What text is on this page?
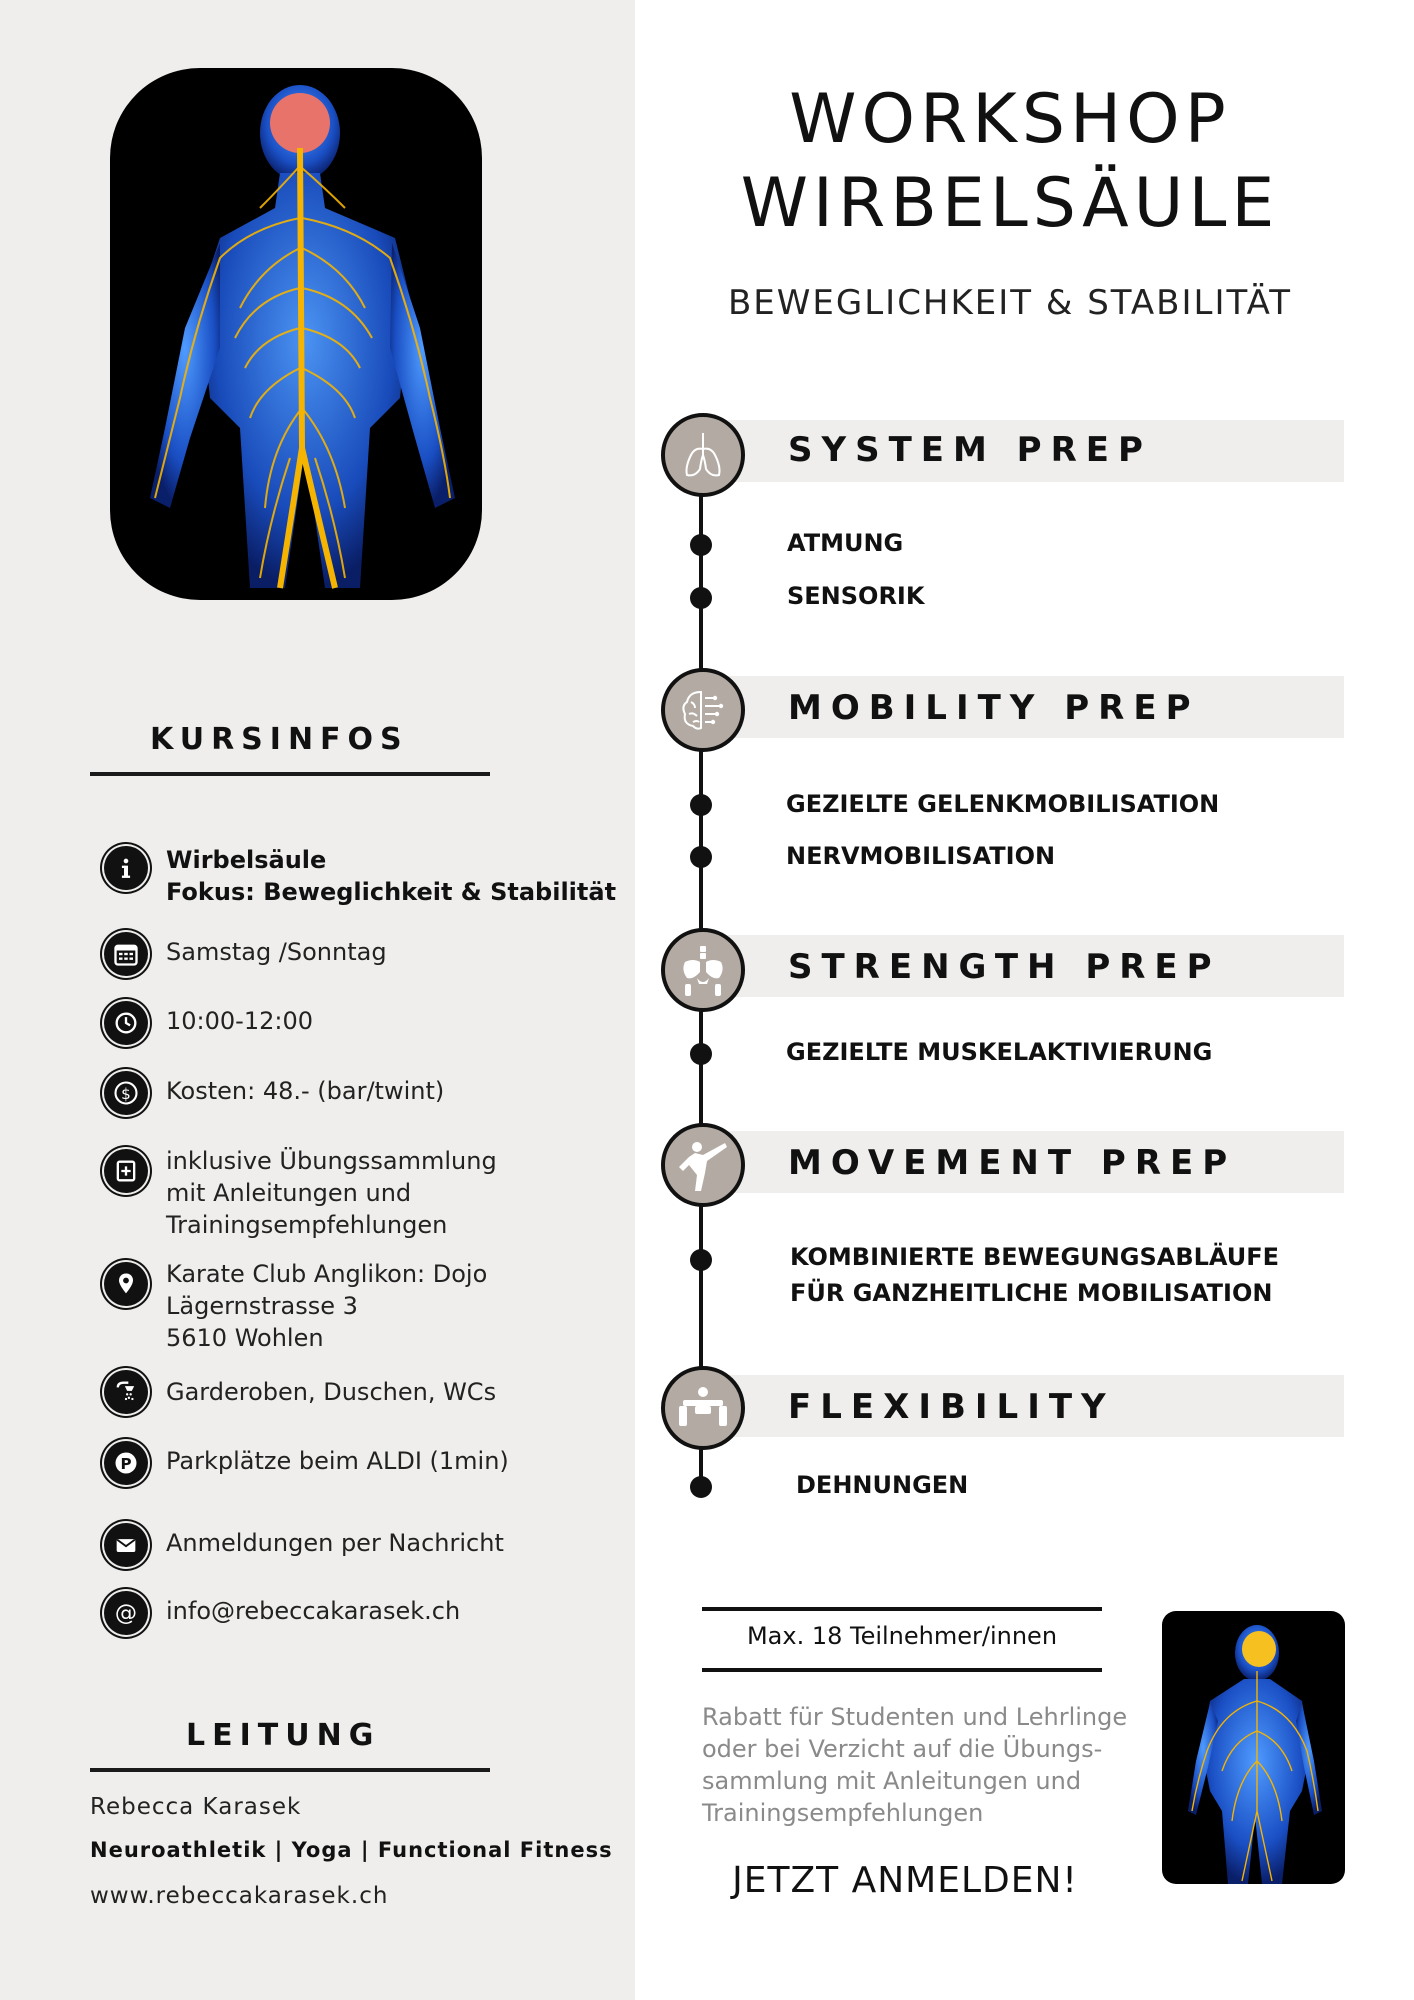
KURSINFOS
Wirbelsäule
Fokus: Beweglichkeit & Stabilität
Samstag /Sonntag
10:00-12:00
$ Kosten: 48.- (bar/twint)
inklusive Übungssammlung
mit Anleitungen und
Trainingsempfehlungen
Karate Club Anglikon: Dojo
Lägernstrasse 3
5610 Wohlen
Garderoben, Duschen, WCs
P Parkplätze beim ALDI (1min)
Anmeldungen per Nachricht
@ info@rebeccakarasek.ch
LEITUNG
Rebecca Karasek
Neuroathletik | Yoga | Functional Fitness
www.rebeccakarasek.ch
WORKSHOP
WIRBELSÄULE
BEWEGLICHKEIT & STABILITÄT
SYSTEM PREP
ATMUNG
SENSORIK
MOBILITY PREP
GEZIELTE GELENKMOBILISATION
NERVMOBILISATION
STRENGTH PREP
GEZIELTE MUSKELAKTIVIERUNG
MOVEMENT PREP
KOMBINIERTE BEWEGUNGSABLÄUFE
FÜR GANZHEITLICHE MOBILISATION
FLEXIBILITY
DEHNUNGEN
Max. 18 Teilnehmer/innen
Rabatt für Studenten und Lehrlinge
oder bei Verzicht auf die Übungs-
sammlung mit Anleitungen und
Trainingsempfehlungen
JETZT ANMELDEN!
